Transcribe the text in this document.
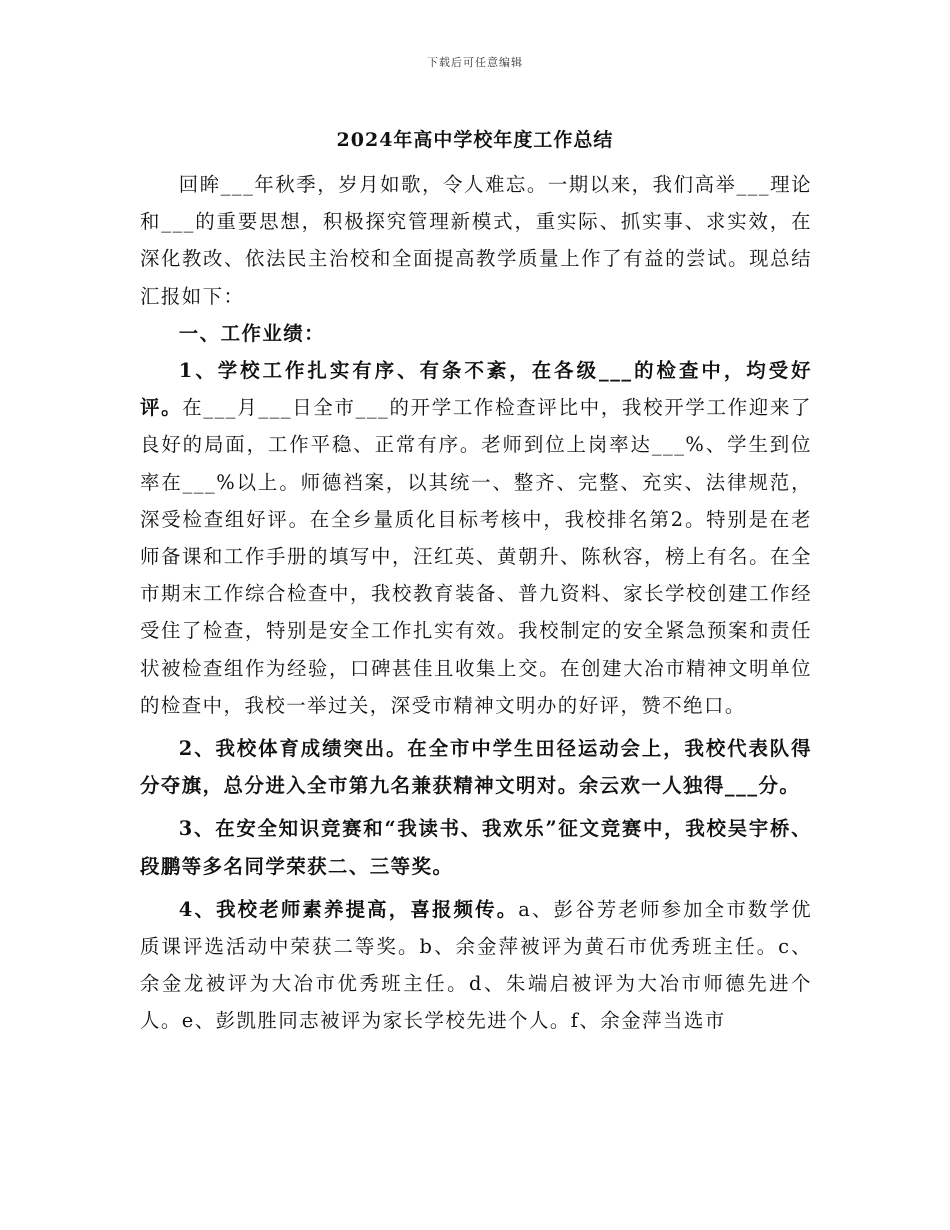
下载后可任意编辑
2024年高中学校年度工作总结

回眸___年秋季，岁月如歌，令人难忘。一期以来，我们高举___理论和___的重要思想，积极探究管理新模式，重实际、抓实事、求实效，在深化教改、依法民主治校和全面提高教学质量上作了有益的尝试。现总结汇报如下：

一、工作业绩：

1、学校工作扎实有序、有条不紊，在各级___的检查中，均受好评。在___月___日全市___的开学工作检查评比中，我校开学工作迎来了良好的局面，工作平稳、正常有序。老师到位上岗率达___%、学生到位率在___%以上。师德裆案，以其统一、整齐、完整、充实、法律规范，深受检查组好评。在全乡量质化目标考核中，我校排名第2。特别是在老师备课和工作手册的填写中，汪红英、黄朝升、陈秋容，榜上有名。在全市期末工作综合检查中，我校教育装备、普九资料、家长学校创建工作经受住了检查，特别是安全工作扎实有效。我校制定的安全紧急预案和责任状被检查组作为经验，口碑甚佳且收集上交。在创建大冶市精神文明单位的检查中，我校一举过关，深受市精神文明办的好评，赞不绝口。

2、我校体育成绩突出。在全市中学生田径运动会上，我校代表队得分夺旗，总分进入全市第九名兼获精神文明对。余云欢一人独得___分。

3、在安全知识竞赛和“我读书、我欢乐”征文竞赛中，我校吴宇桥、段鹏等多名同学荣获二、三等奖。

4、我校老师素养提高，喜报频传。a、彭谷芳老师参加全市数学优质课评选活动中荣获二等奖。b、余金萍被评为黄石市优秀班主任。c、余金龙被评为大冶市优秀班主任。d、朱端启被评为大冶市师德先进个人。e、彭凯胜同志被评为家长学校先进个人。f、余金萍当选市
